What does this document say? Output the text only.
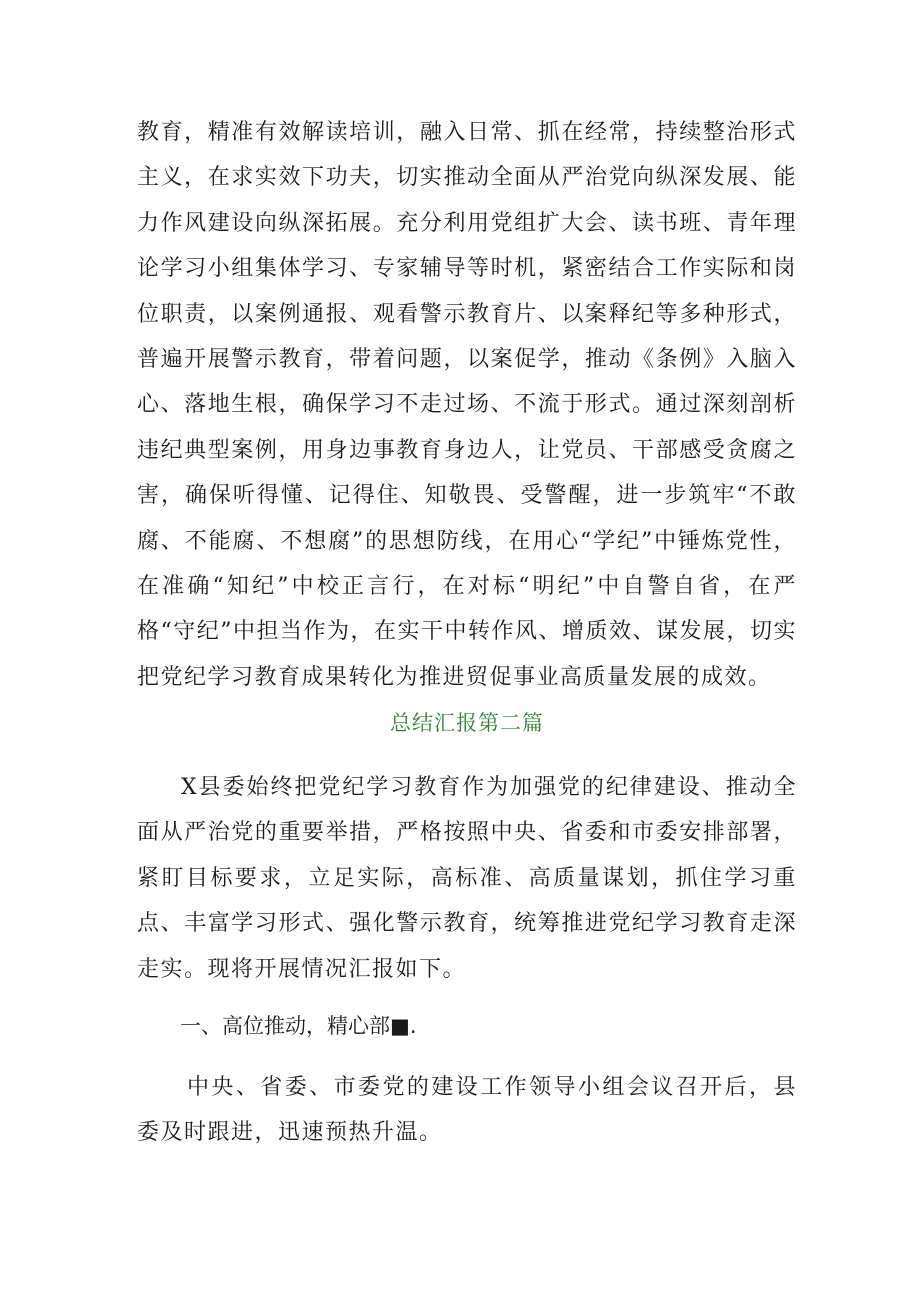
教育，精准有效解读培训，融入日常、抓在经常，持续整治形式主义，在求实效下功夫，切实推动全面从严治党向纵深发展、能力作风建设向纵深拓展。充分利用党组扩大会、读书班、青年理论学习小组集体学习、专家辅导等时机，紧密结合工作实际和岗位职责，以案例通报、观看警示教育片、以案释纪等多种形式，普遍开展警示教育，带着问题，以案促学，推动《条例》入脑入心、落地生根，确保学习不走过场、不流于形式。通过深刻剖析违纪典型案例，用身边事教育身边人，让党员、干部感受贪腐之害，确保听得懂、记得住、知敬畏、受警醒，进一步筑牢“不敢腐、不能腐、不想腐”的思想防线，在用心“学纪”中锤炼党性，在准确“知纪”中校正言行，在对标“明纪”中自警自省，在严格“守纪”中担当作为，在实干中转作风、增质效、谋发展，切实把党纪学习教育成果转化为推进贸促事业高质量发展的成效。

总结汇报第二篇

X县委始终把党纪学习教育作为加强党的纪律建设、推动全面从严治党的重要举措，严格按照中央、省委和市委安排部署，紧盯目标要求，立足实际，高标准、高质量谋划，抓住学习重点、丰富学习形式、强化警示教育，统筹推进党纪学习教育走深走实。现将开展情况汇报如下。

一、高位推动，精心部■.

中央、省委、市委党的建设工作领导小组会议召开后，县委及时跟进，迅速预热升温。
